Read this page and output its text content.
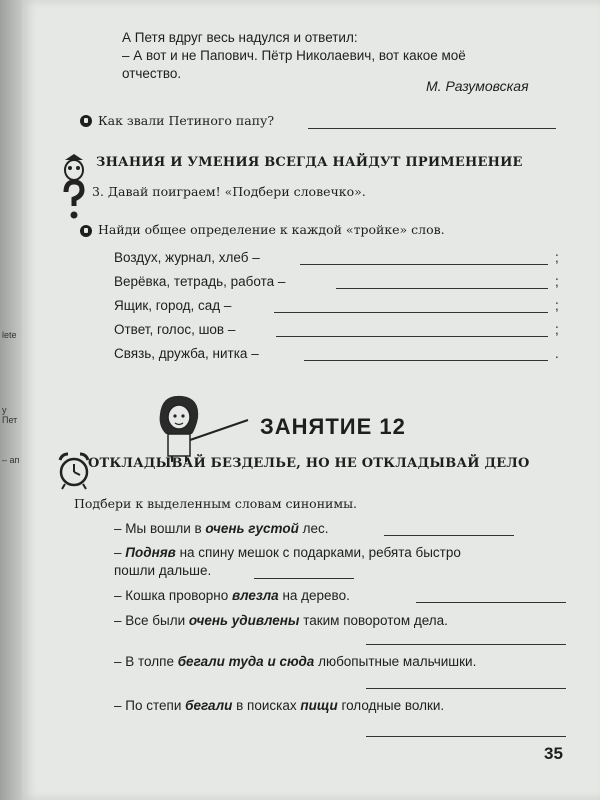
lete
у Пет
– ап
А Петя вдруг весь надулся и ответил:
– А вот и не Папович. Пётр Николаевич, вот какое моё
отчество.
М. Разумовская
Как звали Петиного папу?
ЗНАНИЯ И УМЕНИЯ ВСЕГДА НАЙДУТ ПРИМЕНЕНИЕ
3. Давай поиграем! «Подбери словечко».
Найди общее определение к каждой «тройке» слов.
Воздух, журнал, хлеб –	;
Верёвка, тетрадь, работа –	;
Ящик, город, сад –	;
Ответ, голос, шов –	;
Связь, дружба, нитка –	.
ЗАНЯТИЕ 12
ОТКЛАДЫВАЙ БЕЗДЕЛЬЕ, НО НЕ ОТКЛАДЫВАЙ ДЕЛО
Подбери к выделенным словам синонимы.
– Мы вошли в очень густой лес.
– Подняв на спину мешок с подарками, ребята быстро
пошли дальше.
– Кошка проворно влезла на дерево.
– Все были очень удивлены таким поворотом дела.
– В толпе бегали туда и сюда любопытные мальчишки.
– По степи бегали в поисках пищи голодные волки.
35
